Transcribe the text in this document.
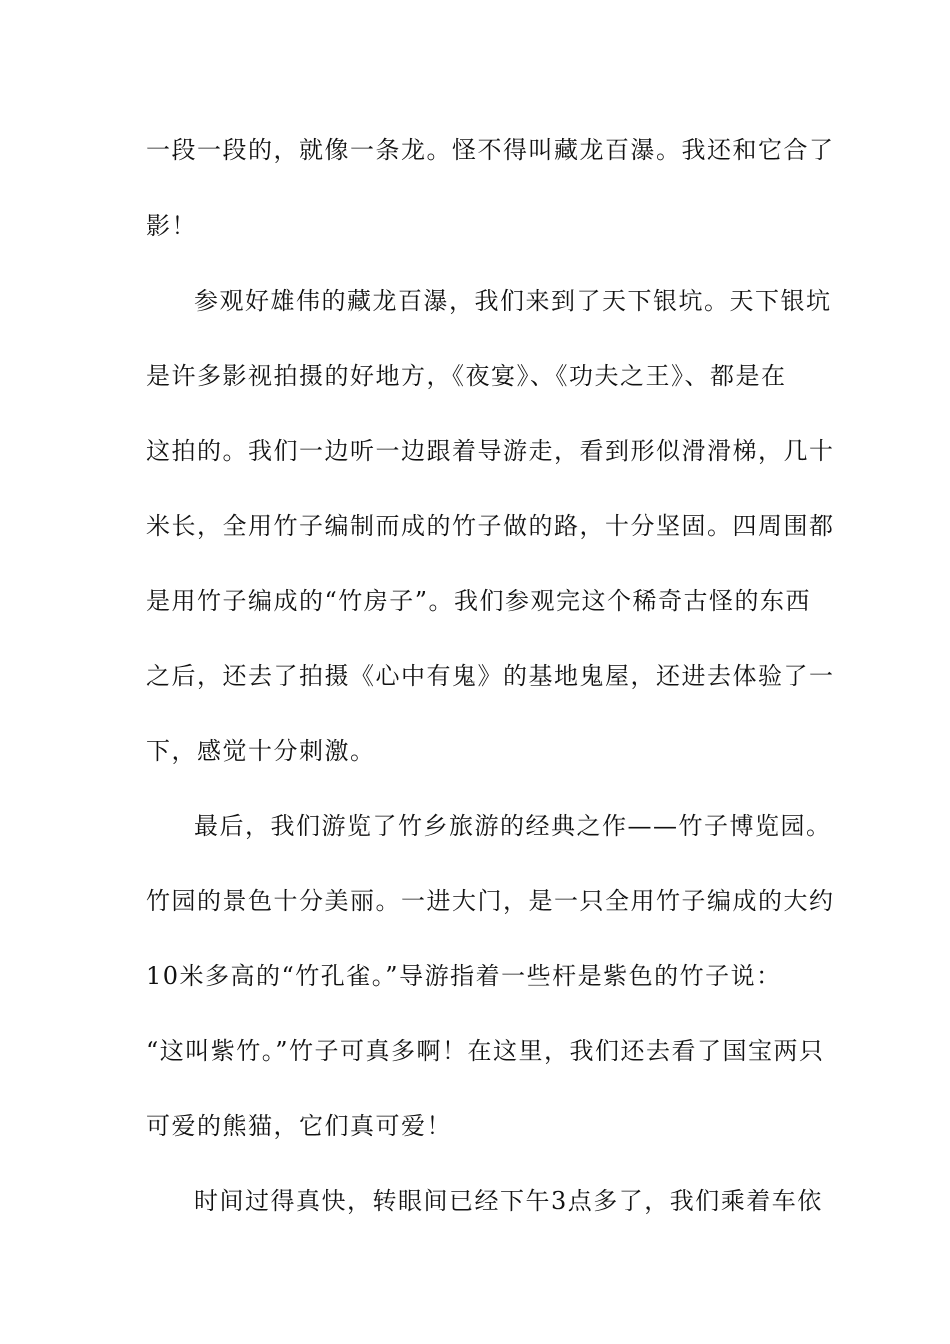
一段一段的，就像一条龙。怪不得叫藏龙百瀑。我还和它合了
影！
参观好雄伟的藏龙百瀑，我们来到了天下银坑。天下银坑
是许多影视拍摄的好地方，《夜宴》、《功夫之王》、都是在
这拍的。我们一边听一边跟着导游走，看到形似滑滑梯，几十
米长，全用竹子编制而成的竹子做的路，十分坚固。四周围都
是用竹子编成的“竹房子”。我们参观完这个稀奇古怪的东西
之后，还去了拍摄《心中有鬼》的基地鬼屋，还进去体验了一
下，感觉十分刺激。
最后，我们游览了竹乡旅游的经典之作——竹子博览园。
竹园的景色十分美丽。一进大门，是一只全用竹子编成的大约
10米多高的“竹孔雀。”导游指着一些杆是紫色的竹子说：
“这叫紫竹。”竹子可真多啊！在这里，我们还去看了国宝两只
可爱的熊猫，它们真可爱！
时间过得真快，转眼间已经下午3点多了，我们乘着车依
